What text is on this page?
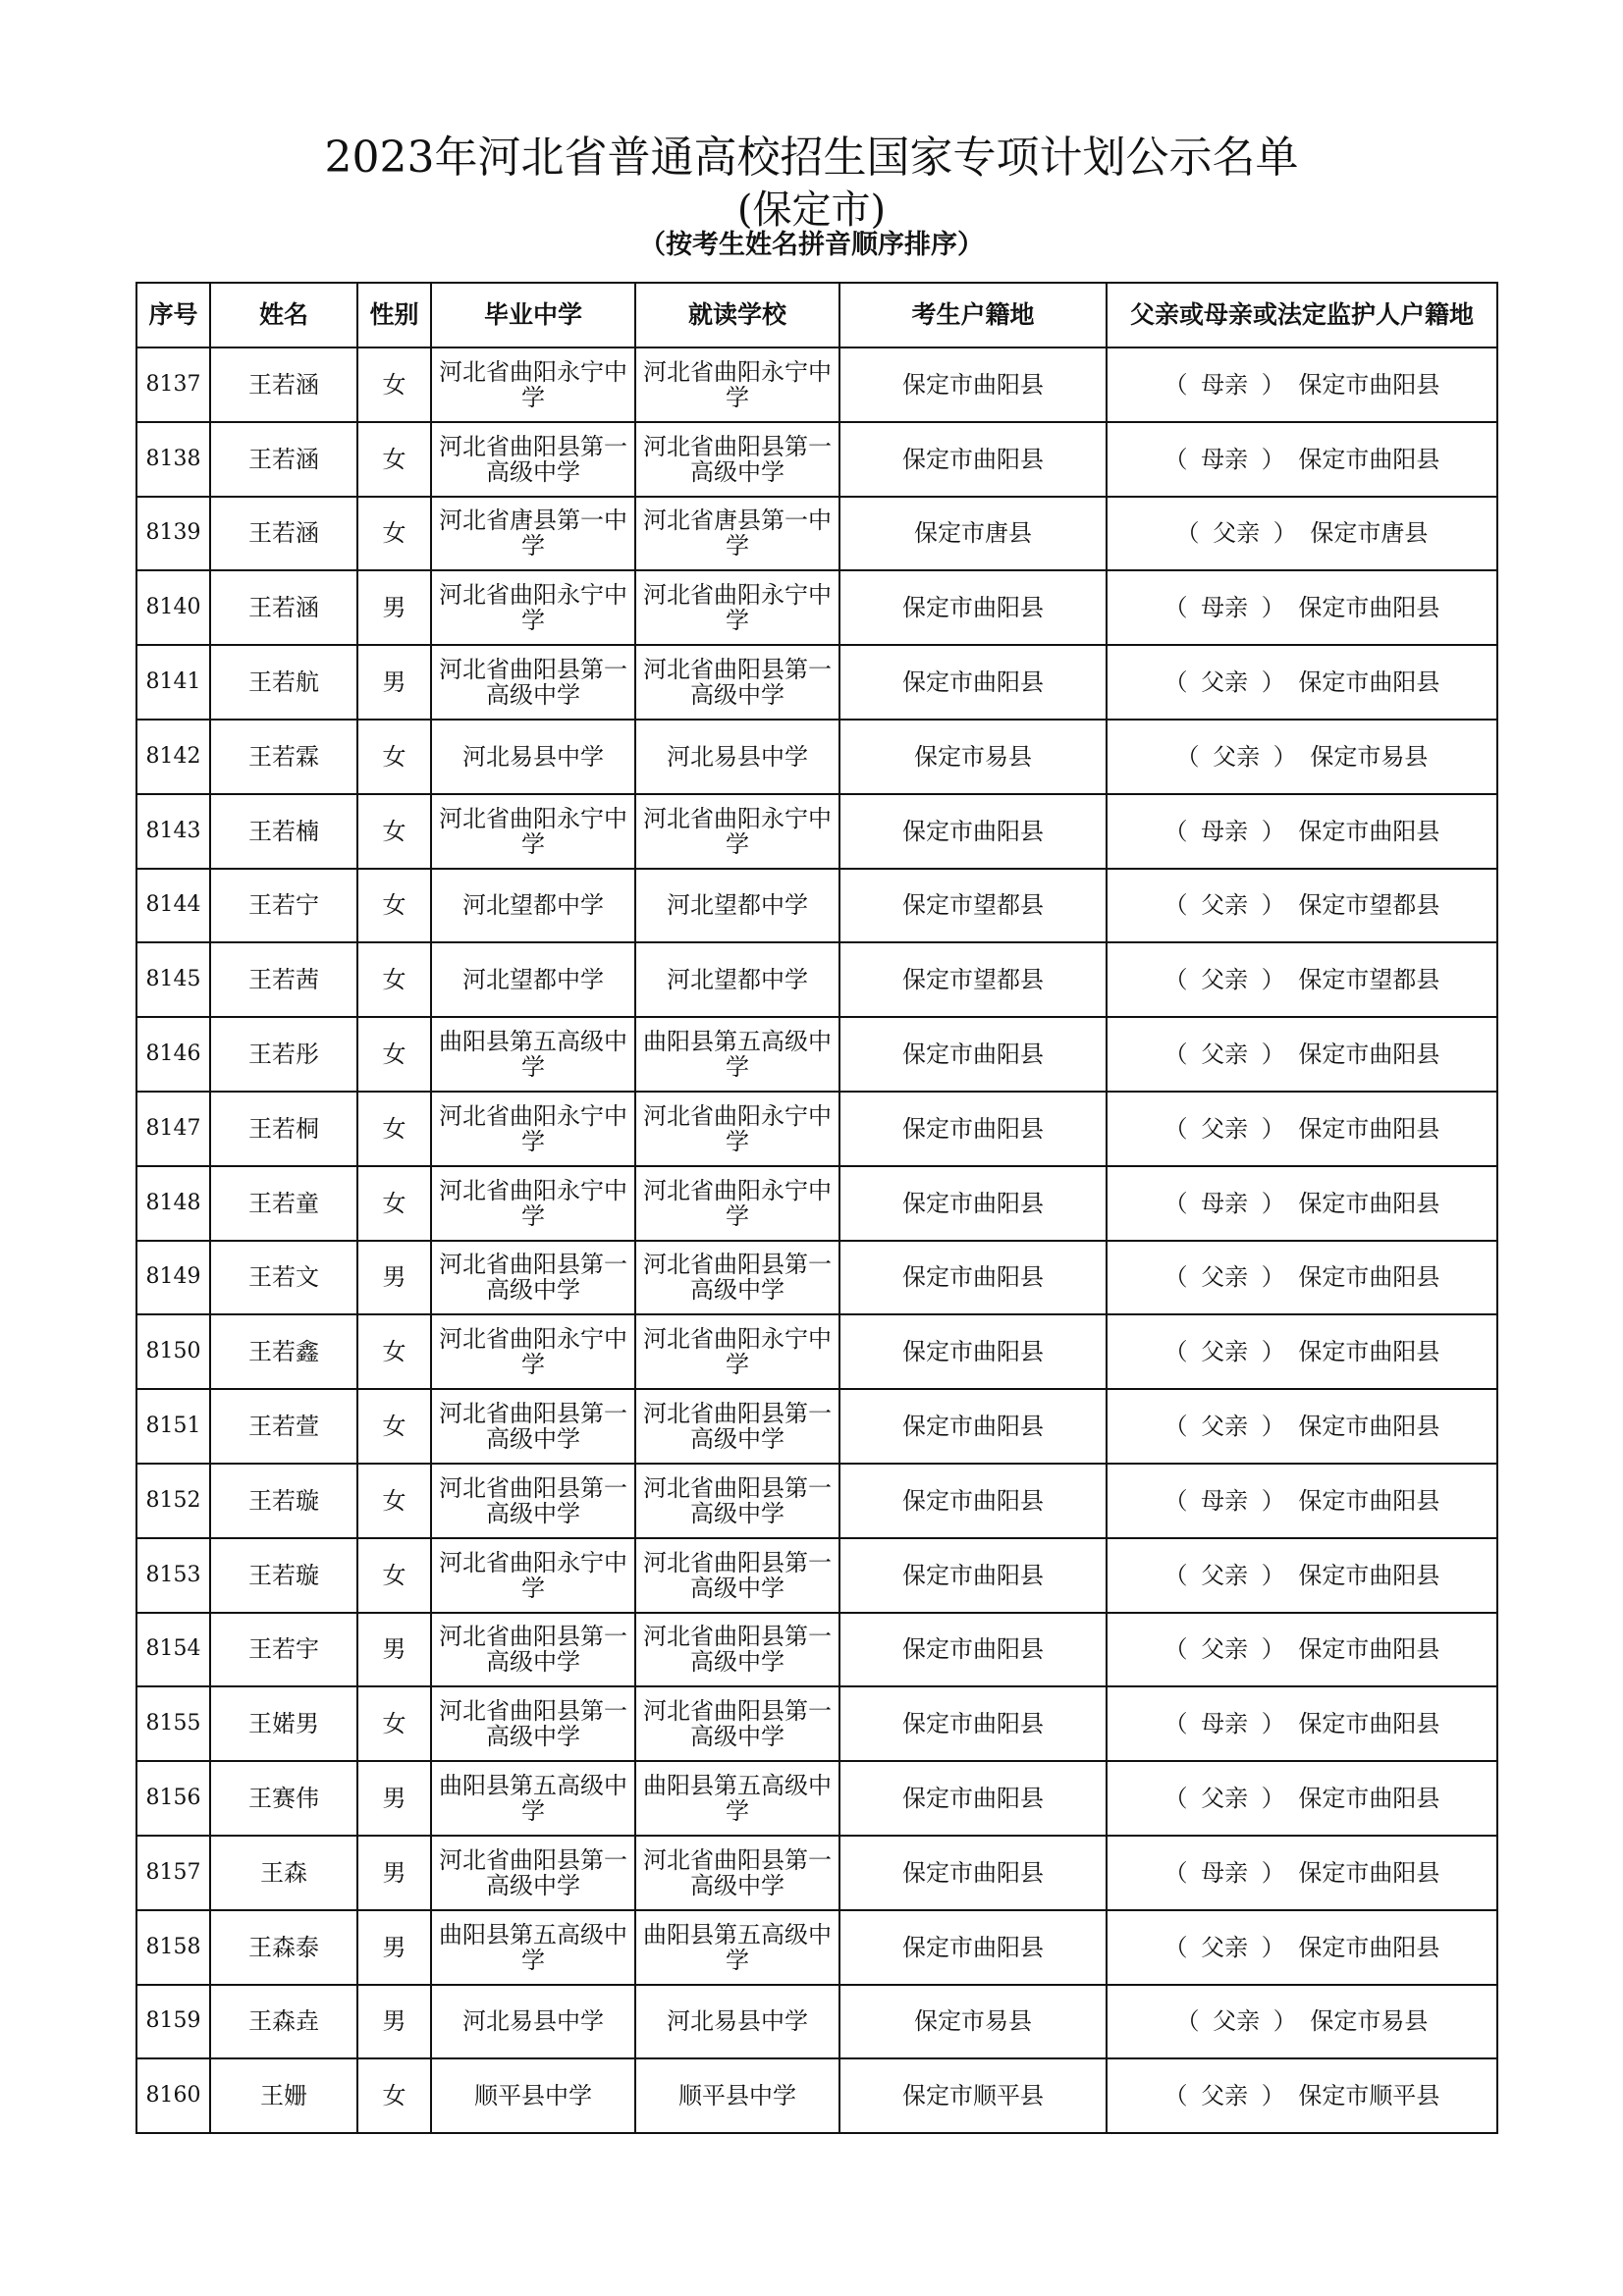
2023年河北省普通高校招生国家专项计划公示名单
(保定市)
（按考生姓名拼音顺序排序）
序号	姓名	性别	毕业中学	就读学校	考生户籍地	父亲或母亲或法定监护人户籍地
8137	王若涵	女	河北省曲阳永宁中学	河北省曲阳永宁中学	保定市曲阳县	（ 母亲 ） 保定市曲阳县
8138	王若涵	女	河北省曲阳县第一高级中学	河北省曲阳县第一高级中学	保定市曲阳县	（ 母亲 ） 保定市曲阳县
8139	王若涵	女	河北省唐县第一中学	河北省唐县第一中学	保定市唐县	（ 父亲 ） 保定市唐县
8140	王若涵	男	河北省曲阳永宁中学	河北省曲阳永宁中学	保定市曲阳县	（ 母亲 ） 保定市曲阳县
8141	王若航	男	河北省曲阳县第一高级中学	河北省曲阳县第一高级中学	保定市曲阳县	（ 父亲 ） 保定市曲阳县
8142	王若霖	女	河北易县中学	河北易县中学	保定市易县	（ 父亲 ） 保定市易县
8143	王若楠	女	河北省曲阳永宁中学	河北省曲阳永宁中学	保定市曲阳县	（ 母亲 ） 保定市曲阳县
8144	王若宁	女	河北望都中学	河北望都中学	保定市望都县	（ 父亲 ） 保定市望都县
8145	王若茜	女	河北望都中学	河北望都中学	保定市望都县	（ 父亲 ） 保定市望都县
8146	王若彤	女	曲阳县第五高级中学	曲阳县第五高级中学	保定市曲阳县	（ 父亲 ） 保定市曲阳县
8147	王若桐	女	河北省曲阳永宁中学	河北省曲阳永宁中学	保定市曲阳县	（ 父亲 ） 保定市曲阳县
8148	王若童	女	河北省曲阳永宁中学	河北省曲阳永宁中学	保定市曲阳县	（ 母亲 ） 保定市曲阳县
8149	王若文	男	河北省曲阳县第一高级中学	河北省曲阳县第一高级中学	保定市曲阳县	（ 父亲 ） 保定市曲阳县
8150	王若鑫	女	河北省曲阳永宁中学	河北省曲阳永宁中学	保定市曲阳县	（ 父亲 ） 保定市曲阳县
8151	王若萱	女	河北省曲阳县第一高级中学	河北省曲阳县第一高级中学	保定市曲阳县	（ 父亲 ） 保定市曲阳县
8152	王若璇	女	河北省曲阳县第一高级中学	河北省曲阳县第一高级中学	保定市曲阳县	（ 母亲 ） 保定市曲阳县
8153	王若璇	女	河北省曲阳永宁中学	河北省曲阳县第一高级中学	保定市曲阳县	（ 父亲 ） 保定市曲阳县
8154	王若宇	男	河北省曲阳县第一高级中学	河北省曲阳县第一高级中学	保定市曲阳县	（ 父亲 ） 保定市曲阳县
8155	王婼男	女	河北省曲阳县第一高级中学	河北省曲阳县第一高级中学	保定市曲阳县	（ 母亲 ） 保定市曲阳县
8156	王赛伟	男	曲阳县第五高级中学	曲阳县第五高级中学	保定市曲阳县	（ 父亲 ） 保定市曲阳县
8157	王森	男	河北省曲阳县第一高级中学	河北省曲阳县第一高级中学	保定市曲阳县	（ 母亲 ） 保定市曲阳县
8158	王森泰	男	曲阳县第五高级中学	曲阳县第五高级中学	保定市曲阳县	（ 父亲 ） 保定市曲阳县
8159	王森垚	男	河北易县中学	河北易县中学	保定市易县	（ 父亲 ） 保定市易县
8160	王姗	女	顺平县中学	顺平县中学	保定市顺平县	（ 父亲 ） 保定市顺平县
